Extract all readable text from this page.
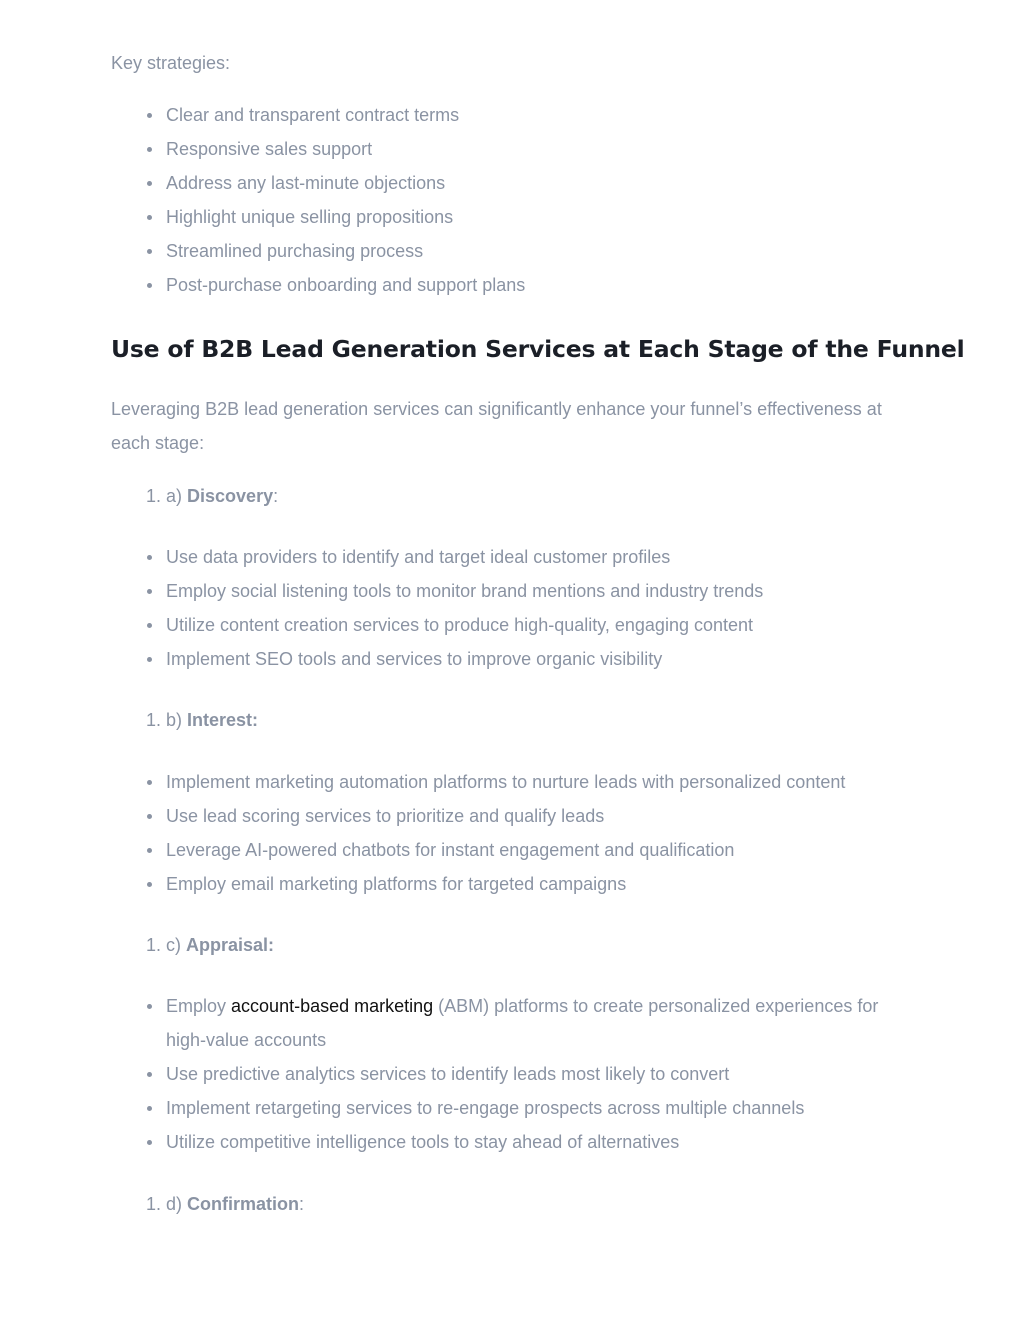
Key strategies:

Clear and transparent contract terms
Responsive sales support
Address any last-minute objections
Highlight unique selling propositions
Streamlined purchasing process
Post-purchase onboarding and support plans
Use of B2B Lead Generation Services at Each Stage of the Funnel

Leveraging B2B lead generation services can significantly enhance your funnel’s effectiveness at each stage:

1. a) Discovery:
Use data providers to identify and target ideal customer profiles
Employ social listening tools to monitor brand mentions and industry trends
Utilize content creation services to produce high-quality, engaging content
Implement SEO tools and services to improve organic visibility
1. b) Interest:
Implement marketing automation platforms to nurture leads with personalized content
Use lead scoring services to prioritize and qualify leads
Leverage AI-powered chatbots for instant engagement and qualification
Employ email marketing platforms for targeted campaigns
1. c) Appraisal:
Employ account-based marketing (ABM) platforms to create personalized experiences for high-value accounts
Use predictive analytics services to identify leads most likely to convert
Implement retargeting services to re-engage prospects across multiple channels
Utilize competitive intelligence tools to stay ahead of alternatives
1. d) Confirmation:
